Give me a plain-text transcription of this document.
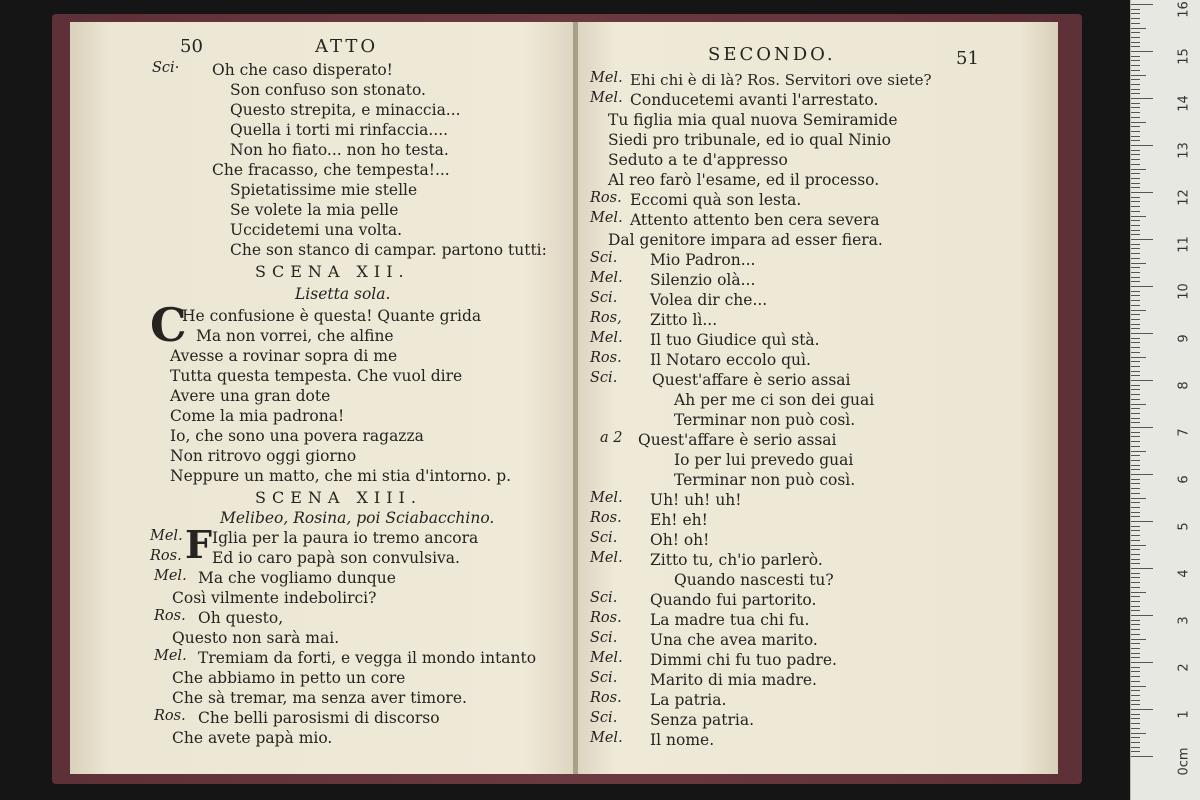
50	ATTO
Sci· Oh che caso disperato!
Son confuso son stonato.
Questo strepita, e minaccia...
Quella i torti mi rinfaccia....
Non ho fiato... non ho testa.
Che fracasso, che tempesta!...
Spietatissime mie stelle
Se volete la mia pelle
Uccidetemi una volta.
Che son stanco di campar. partono tutti:
SCENA XII.
Lisetta sola.
C
He confusione è questa! Quante grida
Ma non vorrei, che alfine
Avesse a rovinar sopra di me
Tutta questa tempesta. Che vuol dire
Avere una gran dote
Come la mia padrona!
Io, che sono una povera ragazza
Non ritrovo oggi giorno
Neppure un matto, che mi stia d'intorno. p.
SCENA XIII.
Melibeo, Rosina, poi Sciabacchino.
Mel. F Iglia per la paura io tremo ancora
Ros. Ed io caro papà son convulsiva.
Mel. Ma che vogliamo dunque
Così vilmente indebolirci?
Ros. Oh questo,
Questo non sarà mai.
Mel. Tremiam da forti, e vegga il mondo intanto
Che abbiamo in petto un core
Che sà tremar, ma senza aver timore.
Ros. Che belli parosismi di discorso
Che avete papà mio.
SECONDO.	51
Mel. Ehi chi è di là? Ros. Servitori ove siete?
Mel. Conducetemi avanti l'arrestato.
Tu figlia mia qual nuova Semiramide
Siedi pro tribunale, ed io qual Ninio
Seduto a te d'appresso
Al reo farò l'esame, ed il processo.
Ros. Eccomi quà son lesta.
Mel. Attento attento ben cera severa
Dal genitore impara ad esser fiera.
Sci. Mio Padron...
Mel. Silenzio olà...
Sci. Volea dir che...
Ros, Zitto lì...
Mel. Il tuo Giudice quì stà.
Ros. Il Notaro eccolo quì.
Sci. Quest'affare è serio assai
Ah per me ci son dei guai
Terminar non può così.
a 2 Quest'affare è serio assai
Io per lui prevedo guai
Terminar non può così.
Mel. Uh! uh! uh!
Ros. Eh! eh!
Sci. Oh! oh!
Mel. Zitto tu, ch'io parlerò.
Quando nascesti tu?
Sci. Quando fui partorito.
Ros. La madre tua chi fu.
Sci. Una che avea marito.
Mel. Dimmi chi fu tuo padre.
Sci. Marito di mia madre.
Ros. La patria.
Sci. Senza patria.
Mel. Il nome.
16
15
14
13
12
11
10
9
8
7
6
5
4
3
2
1
0cm
